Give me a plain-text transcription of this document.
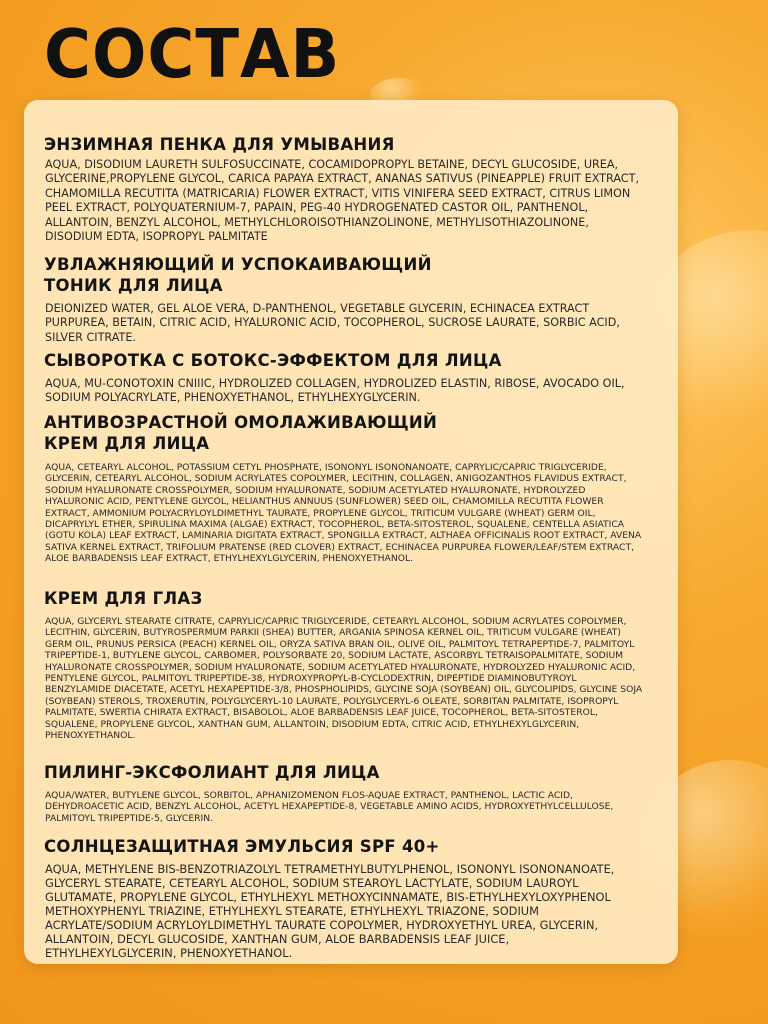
СОСТАВ
ЭНЗИМНАЯ ПЕНКА ДЛЯ УМЫВАНИЯ

AQUA, DISODIUM LAURETH SULFOSUCCINATE, COCAMIDOPROPYL BETAINE, DECYL GLUCOSIDE, UREA, GLYCERINE,PROPYLENE GLYCOL, CARICA PAPAYA EXTRACT, ANANAS SATIVUS (PINEAPPLE) FRUIT EXTRACT, CHAMOMILLA RECUTITA (MATRICARIA) FLOWER EXTRACT, VITIS VINIFERA SEED EXTRACT, CITRUS LIMON PEEL EXTRACT, POLYQUATERNIUM-7, PAPAIN, PEG-40 HYDROGENATED CASTOR OIL, PANTHENOL, ALLANTOIN, BENZYL ALCOHOL, METHYLCHLOROISOTHIANZOLINONE, METHYLISOTHIAZOLINONE, DISODIUM EDTA, ISOPROPYL PALMITATE

УВЛАЖНЯЮЩИЙ И УСПОКАИВАЮЩИЙ ТОНИК ДЛЯ ЛИЦА

DEIONIZED WATER, GEL ALOE VERA, D-PANTHENOL, VEGETABLE GLYCERIN, ECHINACEA EXTRACT PURPUREA, BETAIN, CITRIC ACID, HYALURONIC ACID, TOCOPHEROL, SUCROSE LAURATE, SORBIC ACID, SILVER CITRATE.

СЫВОРОТКА С БОТОКС-ЭФФЕКТОМ ДЛЯ ЛИЦА

AQUA, MU-CONOTOXIN CNIIIC, HYDROLIZED COLLAGEN, HYDROLIZED ELASTIN, RIBOSE, AVOCADO OIL, SODIUM POLYACRYLATE, PHENOXYETHANOL, ETHYLHEXYGLYCERIN.

АНТИВОЗРАСТНОЙ ОМОЛАЖИВАЮЩИЙ КРЕМ ДЛЯ ЛИЦА

AQUA, CETEARYL ALCOHOL, POTASSIUM CETYL PHOSPHATE, ISONONYL ISONONANOATE, CAPRYLIC/CAPRIC TRIGLYCERIDE, GLYCERIN, CETEARYL ALCOHOL, SODIUM ACRYLATES COPOLYMER, LECITHIN, COLLAGEN, ANIGOZANTHOS FLAVIDUS EXTRACT, SODIUM HYALURONATE CROSSPOLYMER, SODIUM HYALURONATE, SODIUM ACETYLATED HYALURONATE, HYDROLYZED HYALURONIC ACID, PENTYLENE GLYCOL, HELIANTHUS ANNUUS (SUNFLOWER) SEED OIL, CHAMOMILLA RECUTITA FLOWER EXTRACT, AMMONIUM POLYACRYLOYLDIMETHYL TAURATE, PROPYLENE GLYCOL, TRITICUM VULGARE (WHEAT) GERM OIL, DICAPRYLYL ETHER, SPIRULINA MAXIMA (ALGAE) EXTRACT, TOCOPHEROL, BETA-SITOSTEROL, SQUALENE, CENTELLA ASIATICA (GOTU KOLA) LEAF EXTRACT, LAMINARIA DIGITATA EXTRACT, SPONGILLA EXTRACT, ALTHAEA OFFICINALIS ROOT EXTRACT, AVENA SATIVA KERNEL EXTRACT, TRIFOLIUM PRATENSE (RED CLOVER) EXTRACT, ECHINACEA PURPUREA FLOWER/LEAF/STEM EXTRACT, ALOE BARBADENSIS LEAF EXTRACT, ETHYLHEXYLGLYCERIN, PHENOXYETHANOL.

КРЕМ ДЛЯ ГЛАЗ

AQUA, GLYCERYL STEARATE CITRATE, CAPRYLIC/CAPRIC TRIGLYCERIDE, CETEARYL ALCOHOL, SODIUM ACRYLATES COPOLYMER, LECITHIN, GLYCERIN, BUTYROSPERMUM PARKII (SHEA) BUTTER, ARGANIA SPINOSA KERNEL OIL, TRITICUM VULGARE (WHEAT) GERM OIL, PRUNUS PERSICA (PEACH) KERNEL OIL, ORYZA SATIVA BRAN OIL, OLIVE OIL, PALMITOYL TETRAPEPTIDE-7, PALMITOYL TRIPEPTIDE-1, BUTYLENE GLYCOL, CARBOMER, POLYSORBATE 20, SODIUM LACTATE, ASCORBYL TETRAISOPALMITATE, SODIUM HYALURONATE CROSSPOLYMER, SODIUM HYALURONATE, SODIUM ACETYLATED HYALURONATE, HYDROLYZED HYALURONIC ACID, PENTYLENE GLYCOL, PALMITOYL TRIPEPTIDE-38, HYDROXYPROPYL-B-CYCLODEXTRIN, DIPEPTIDE DIAMINOBUTYROYL BENZYLAMIDE DIACETATE, ACETYL HEXAPEPTIDE-3/8, PHOSPHOLIPIDS, GLYCINE SOJA (SOYBEAN) OIL, GLYCOLIPIDS, GLYCINE SOJA (SOYBEAN) STEROLS, TROXERUTIN, POLYGLYCERYL-10 LAURATE, POLYGLYCERYL-6 OLEATE, SORBITAN PALMITATE, ISOPROPYL PALMITATE, SWERTIA CHIRATA EXTRACT, BISABOLOL, ALOE BARBADENSIS LEAF JUICE, TOCOPHEROL, BETA-SITOSTEROL, SQUALENE, PROPYLENE GLYCOL, XANTHAN GUM, ALLANTOIN, DISODIUM EDTA, CITRIC ACID, ETHYLHEXYLGLYCERIN, PHENOXYETHANOL.

ПИЛИНГ-ЭКСФОЛИАНТ ДЛЯ ЛИЦА

AQUA/WATER, BUTYLENE GLYCOL, SORBITOL, APHANIZOMENON FLOS-AQUAE EXTRACT, PANTHENOL, LACTIC ACID, DEHYDROACETIC ACID, BENZYL ALCOHOL, ACETYL HEXAPEPTIDE-8, VEGETABLE AMINO ACIDS, HYDROXYETHYLCELLULOSE, PALMITOYL TRIPEPTIDE-5, GLYCERIN.

СОЛНЦЕЗАЩИТНАЯ ЭМУЛЬСИЯ SPF 40+

AQUA, METHYLENE BIS-BENZOTRIAZOLYL TETRAMETHYLBUTYLPHENOL, ISONONYL ISONONANOATE, GLYCERYL STEARATE, CETEARYL ALCOHOL, SODIUM STEAROYL LACTYLATE, SODIUM LAUROYL GLUTAMATE, PROPYLENE GLYCOL, ETHYLHEXYL METHOXYCINNAMATE, BIS-ETHYLHEXYLOXYPHENOL METHOXYPHENYL TRIAZINE, ETHYLHEXYL STEARATE, ETHYLHEXYL TRIAZONE, SODIUM ACRYLATE/SODIUM ACRYLOYLDIMETHYL TAURATE COPOLYMER, HYDROXYETHYL UREA, GLYCERIN, ALLANTOIN, DECYL GLUCOSIDE, XANTHAN GUM, ALOE BARBADENSIS LEAF JUICE, ETHYLHEXYLGLYCERIN, PHENOXYETHANOL.
